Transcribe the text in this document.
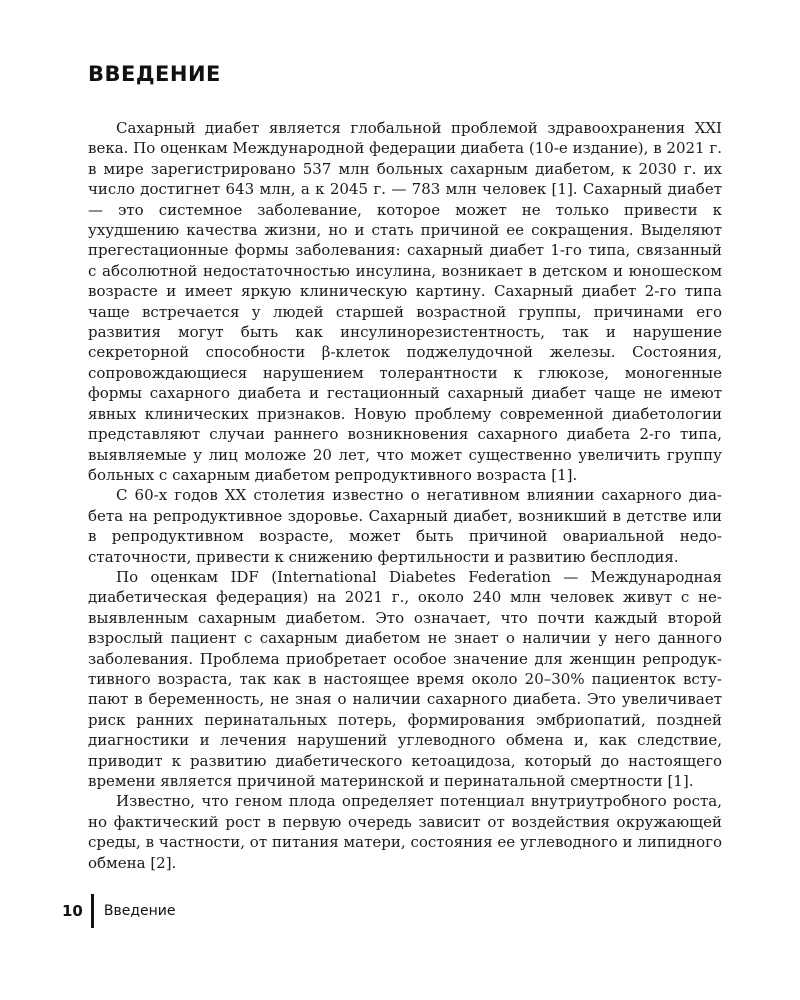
ВВЕДЕНИЕ

Сахарный диабет является глобальной проблемой здравоохранения XXI века. По оценкам Международной федерации диабета (10-е издание), в 2021 г. в мире зарегистрировано 537 млн больных сахарным диабетом, к 2030 г. их число достигнет 643 млн, а к 2045 г. — 783 млн человек [1]. Сахарный диабет — это системное заболевание, которое может не только привести к ухудшению качества жизни, но и стать причиной ее сокращения. Выделяют прегестационные формы заболевания: сахарный диабет 1-го типа, связанный с абсолютной недостаточностью инсулина, возникает в детском и юношеском возрасте и имеет яркую клиническую картину. Сахарный диабет 2-го типа чаще встречается у людей старшей возрастной группы, причинами его развития могут быть как инсулинорезистентность, так и нарушение секреторной способности β-клеток поджелудочной железы. Состояния, сопровождающиеся нарушением толерантности к глюкозе, моногенные формы сахарного диабета и гестационный сахарный диабет чаще не имеют явных клинических признаков. Новую проблему современной диабетологии представляют случаи раннего возникновения сахарного диабета 2-го типа, выявляемые у лиц моложе 20 лет, что может существенно увеличить группу больных с сахарным диабетом репродуктивного возраста [1].

С 60-х годов XX столетия известно о негативном влиянии сахарного диабета на репродуктивное здоровье. Сахарный диабет, возникший в детстве или в репродуктивном возрасте, может быть причиной овариальной недостаточности, привести к снижению фертильности и развитию бесплодия.

По оценкам IDF (International Diabetes Federation — Международная диабетическая федерация) на 2021 г., около 240 млн человек живут с невыявленным сахарным диабетом. Это означает, что почти каждый второй взрослый пациент с сахарным диабетом не знает о наличии у него данного заболевания. Проблема приобретает особое значение для женщин репродуктивного возраста, так как в настоящее время около 20–30% пациенток вступают в беременность, не зная о наличии сахарного диабета. Это увеличивает риск ранних перинатальных потерь, формирования эмбриопатий, поздней диагностики и лечения нарушений углеводного обмена и, как следствие, приводит к развитию диабетического кетоацидоза, который до настоящего времени является причиной материнской и перинатальной смертности [1].

Известно, что геном плода определяет потенциал внутриутробного роста, но фактический рост в первую очередь зависит от воздействия окружающей среды, в частности, от питания матери, состояния ее углеводного и липидного обмена [2].

10	Введение
